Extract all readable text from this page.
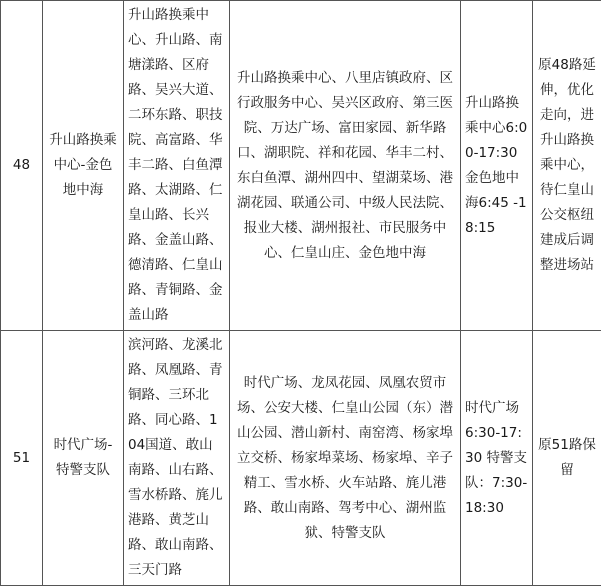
48	升山路换乘中心-金色地中海	升山路换乘中心、升山路、南塘漾路、区府路、吴兴大道、二环东路、职技院、高富路、华丰二路、白鱼潭路、太湖路、仁皇山路、长兴路、金盖山路、德清路、仁皇山路、青铜路、金盖山路	升山路换乘中心、八里店镇政府、区行政服务中心、吴兴区政府、第三医院、万达广场、富田家园、新华路口、湖职院、祥和花园、华丰二村、东白鱼潭、湖州四中、望湖菜场、港湖花园、联通公司、中级人民法院、报业大楼、湖州报社、市民服务中心、仁皇山庄、金色地中海	升山路换乘中心6:00-17:30 金色地中海6:45 -18:15	原48路延伸，优化走向，进升山路换乘中心，待仁皇山公交枢纽建成后调整进场站
51	时代广场-特警支队	滨河路、龙溪北路、凤凰路、青铜路、三环北路、同心路、104国道、敢山南路、山右路、雪水桥路、旄儿港路、黄芝山路、敢山南路、三天门路	时代广场、龙凤花园、凤凰农贸市场、公安大楼、仁皇山公园（东）潜山公园、潜山新村、南窑湾、杨家埠立交桥、杨家埠菜场、杨家埠、辛子精工、雪水桥、火车站路、旄儿港路、敢山南路、驾考中心、湖州监狱、特警支队	时代广场6:30-17:30 特警支队：7:30-18:30	原51路保留
